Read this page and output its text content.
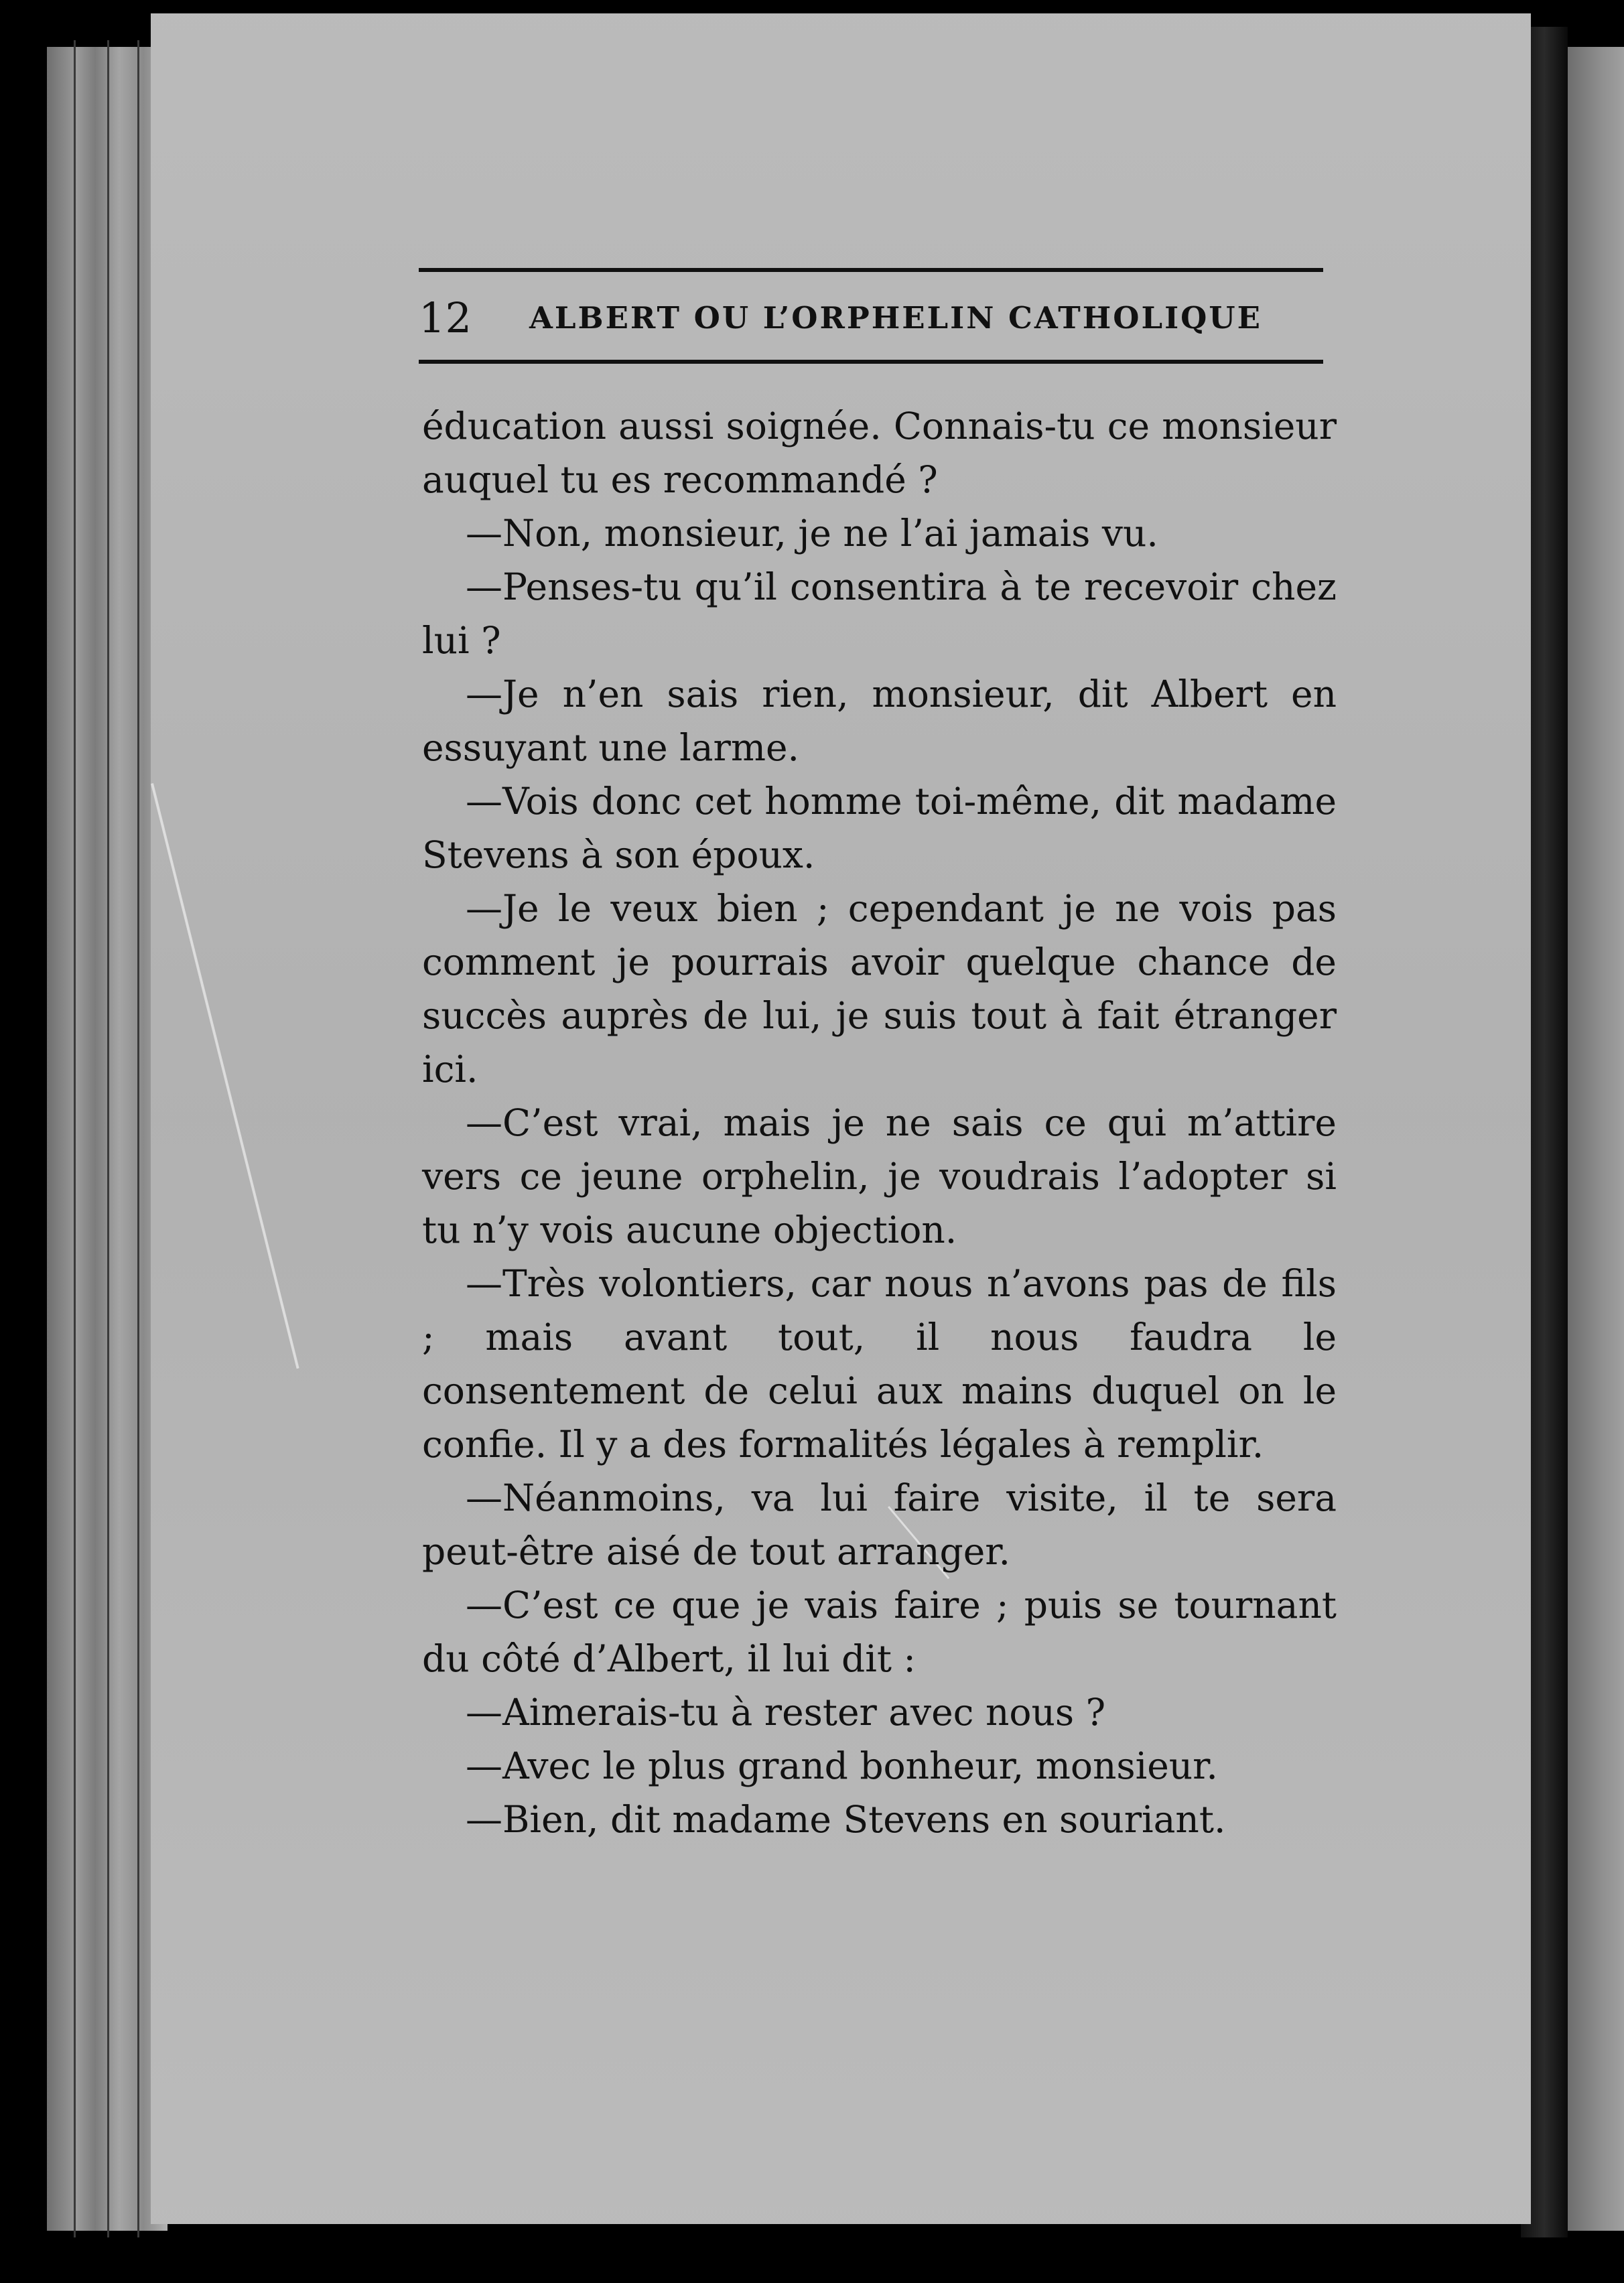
12 ALBERT OU L’ORPHELIN CATHOLIQUE

éducation aussi soignée. Connais-tu ce monsieur auquel tu es recommandé ?

—Non, monsieur, je ne l’ai jamais vu.

—Penses-tu qu’il consentira à te recevoir chez lui ?

—Je n’en sais rien, monsieur, dit Albert en essuyant une larme.

—Vois donc cet homme toi-même, dit madame Stevens à son époux.

—Je le veux bien ; cependant je ne vois pas comment je pourrais avoir quelque chance de succès auprès de lui, je suis tout à fait étranger ici.

—C’est vrai, mais je ne sais ce qui m’attire vers ce jeune orphelin, je voudrais l’adopter si tu n’y vois aucune objection.

—Très volontiers, car nous n’avons pas de fils ; mais avant tout, il nous faudra le consentement de celui aux mains duquel on le confie. Il y a des formalités légales à remplir.

—Néanmoins, va lui faire visite, il te sera peut-être aisé de tout arranger.

—C’est ce que je vais faire ; puis se tournant du côté d’Albert, il lui dit :

—Aimerais-tu à rester avec nous ?

—Avec le plus grand bonheur, monsieur.

—Bien, dit madame Stevens en souriant.
